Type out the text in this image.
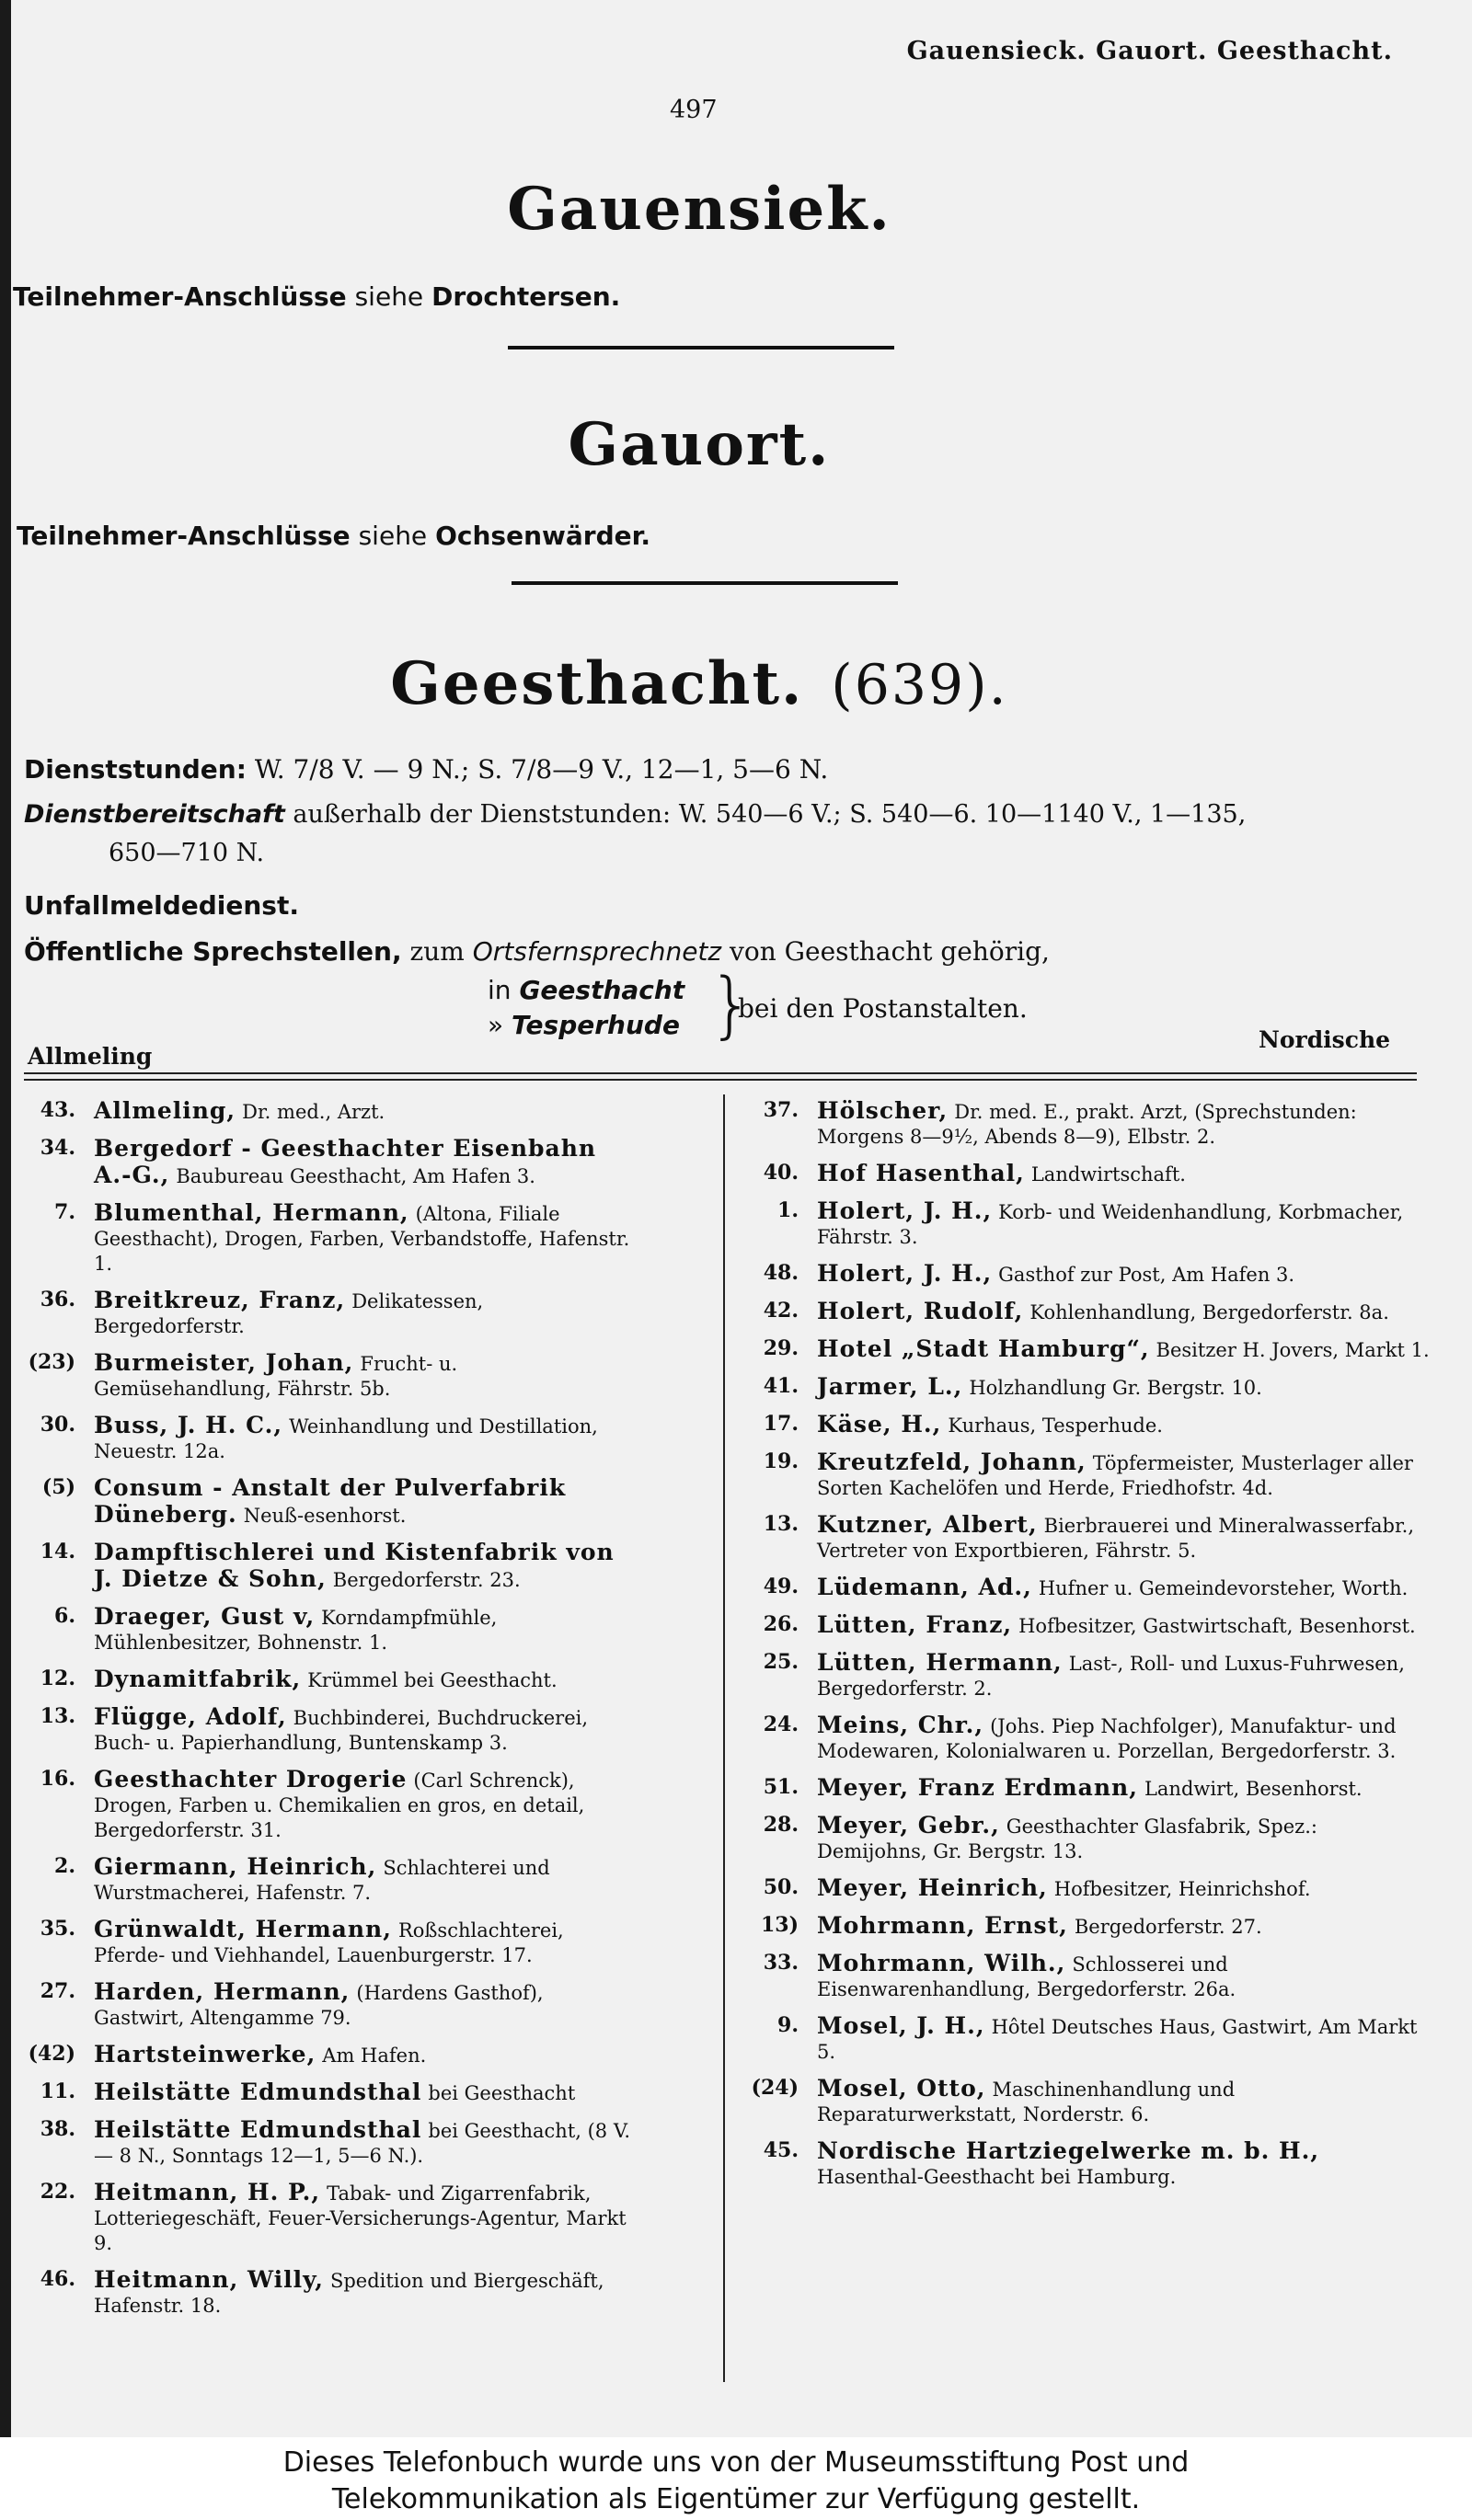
Gauensieck. Gauort. Geesthacht.
497
Gauensiek.
Teilnehmer-Anschlüsse siehe Drochtersen.
Gauort.
Teilnehmer-Anschlüsse siehe Ochsenwärder.
Geesthacht. (639).
Dienststunden: W. 7/8 V. — 9 N.; S. 7/8—9 V., 12—1, 5—6 N.
Dienstbereitschaft außerhalb der Dienststunden: W. 540—6 V.; S. 540—6. 10—1140 V., 1—135,
650—710 N.
Unfallmeldedienst.
Öffentliche Sprechstellen, zum Ortsfernsprechnetz von Geesthacht gehörig,
in Geesthacht
» Tesperhude }
bei den Postanstalten.
Allmeling
Nordische
43. Allmeling, Dr. med., Arzt.
34. Bergedorf - Geesthachter Eisenbahn A.-G., Baubureau Geesthacht, Am Hafen 3.
7. Blumenthal, Hermann, (Altona, Filiale Geesthacht), Drogen, Farben, Verbandstoffe, Hafenstr. 1.
36. Breitkreuz, Franz, Delikatessen, Bergedorferstr.
(23) Burmeister, Johan, Frucht- u. Gemüsehandlung, Fährstr. 5b.
30. Buss, J. H. C., Weinhandlung und Destillation, Neuestr. 12a.
(5) Consum - Anstalt der Pulverfabrik Düneberg. Neuß-esenhorst.
14. Dampftischlerei und Kistenfabrik von J. Dietze & Sohn, Bergedorferstr. 23.
6. Draeger, Gust v, Korndampfmühle, Mühlenbesitzer, Bohnenstr. 1.
12. Dynamitfabrik, Krümmel bei Geesthacht.
13. Flügge, Adolf, Buchbinderei, Buchdruckerei, Buch- u. Papierhandlung, Buntenskamp 3.
16. Geesthachter Drogerie (Carl Schrenck), Drogen, Farben u. Chemikalien en gros, en detail, Bergedorferstr. 31.
2. Giermann, Heinrich, Schlachterei und Wurstmacherei, Hafenstr. 7.
35. Grünwaldt, Hermann, Roßschlachterei, Pferde- und Viehhandel, Lauenburgerstr. 17.
27. Harden, Hermann, (Hardens Gasthof), Gastwirt, Altengamme 79.
(42) Hartsteinwerke, Am Hafen.
11. Heilstätte Edmundsthal bei Geesthacht
38. Heilstätte Edmundsthal bei Geesthacht, (8 V.— 8 N., Sonntags 12—1, 5—6 N.).
22. Heitmann, H. P., Tabak- und Zigarrenfabrik, Lotteriegeschäft, Feuer-Versicherungs-Agentur, Markt 9.
46. Heitmann, Willy, Spedition und Biergeschäft, Hafenstr. 18.
37. Hölscher, Dr. med. E., prakt. Arzt, (Sprechstunden: Morgens 8—9½, Abends 8—9), Elbstr. 2.
40. Hof Hasenthal, Landwirtschaft.
1. Holert, J. H., Korb- und Weidenhandlung, Korbmacher, Fährstr. 3.
48. Holert, J. H., Gasthof zur Post, Am Hafen 3.
42. Holert, Rudolf, Kohlenhandlung, Bergedorferstr. 8a.
29. Hotel „Stadt Hamburg“, Besitzer H. Jovers, Markt 1.
41. Jarmer, L., Holzhandlung Gr. Bergstr. 10.
17. Käse, H., Kurhaus, Tesperhude.
19. Kreutzfeld, Johann, Töpfermeister, Musterlager aller Sorten Kachelöfen und Herde, Friedhofstr. 4d.
13. Kutzner, Albert, Bierbrauerei und Mineralwasserfabr., Vertreter von Exportbieren, Fährstr. 5.
49. Lüdemann, Ad., Hufner u. Gemeindevorsteher, Worth.
26. Lütten, Franz, Hofbesitzer, Gastwirtschaft, Besenhorst.
25. Lütten, Hermann, Last-, Roll- und Luxus-Fuhrwesen, Bergedorferstr. 2.
24. Meins, Chr., (Johs. Piep Nachfolger), Manufaktur- und Modewaren, Kolonialwaren u. Porzellan, Bergedorferstr. 3.
51. Meyer, Franz Erdmann, Landwirt, Besenhorst.
28. Meyer, Gebr., Geesthachter Glasfabrik, Spez.: Demijohns, Gr. Bergstr. 13.
50. Meyer, Heinrich, Hofbesitzer, Heinrichshof.
13) Mohrmann, Ernst, Bergedorferstr. 27.
33. Mohrmann, Wilh., Schlosserei und Eisenwarenhandlung, Bergedorferstr. 26a.
9. Mosel, J. H., Hôtel Deutsches Haus, Gastwirt, Am Markt 5.
(24) Mosel, Otto, Maschinenhandlung und Reparaturwerkstatt, Norderstr. 6.
45. Nordische Hartziegelwerke m. b. H., Hasenthal-Geesthacht bei Hamburg.
Dieses Telefonbuch wurde uns von der Museumsstiftung Post und
Telekommunikation als Eigentümer zur Verfügung gestellt.
